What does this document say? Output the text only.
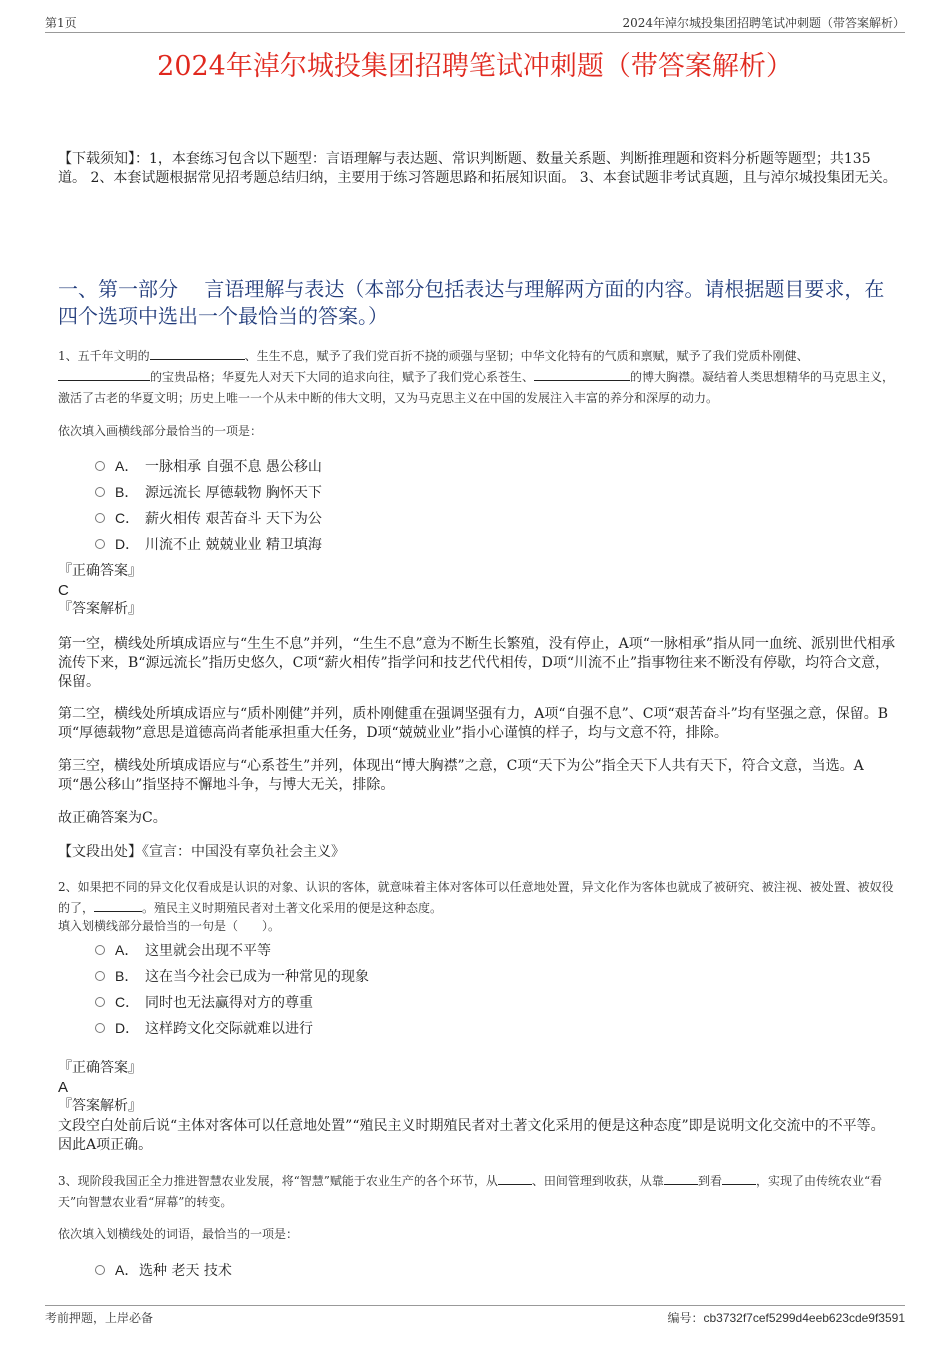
第1页	2024年淖尔城投集团招聘笔试冲刺题（带答案解析）
2024年淖尔城投集团招聘笔试冲刺题（带答案解析）
【下载须知】：1，本套练习包含以下题型：言语理解与表达题、常识判断题、数量关系题、判断推理题和资料分析题等题型；共135道。 2、本套试题根据常见招考题总结归纳，主要用于练习答题思路和拓展知识面。 3、本套试题非考试真题，且与淖尔城投集团无关。
一、第一部分　 言语理解与表达（本部分包括表达与理解两方面的内容。请根据题目要求，在四个选项中选出一个最恰当的答案。）
1、五千年文明的	、生生不息，赋予了我们党百折不挠的顽强与坚韧；中华文化特有的气质和禀赋，赋予了我们党质朴刚健、的宝贵品格；华夏先人对天下大同的追求向往，赋予了我们党心系苍生、	的博大胸襟。凝结着人类思想精华的马克思主义，激活了古老的华夏文明；历史上唯一一个从未中断的伟大文明，又为马克思主义在中国的发展注入丰富的养分和深厚的动力。
依次填入画横线部分最恰当的一项是：
A． 一脉相承 自强不息 愚公移山
B． 源远流长 厚德载物 胸怀天下
C． 薪火相传 艰苦奋斗 天下为公
D． 川流不止 兢兢业业 精卫填海
『正确答案』
C
『答案解析』
第一空，横线处所填成语应与“生生不息”并列，“生生不息”意为不断生长繁殖，没有停止，A项“一脉相承”指从同一血统、派别世代相承流传下来，B“源远流长”指历史悠久，C项“薪火相传”指学问和技艺代代相传，D项“川流不止”指事物往来不断没有停歇，均符合文意，保留。
第二空，横线处所填成语应与“质朴刚健”并列，质朴刚健重在强调坚强有力，A项“自强不息”、C项“艰苦奋斗”均有坚强之意，保留。B项“厚德载物”意思是道德高尚者能承担重大任务，D项“兢兢业业”指小心谨慎的样子，均与文意不符，排除。
第三空，横线处所填成语应与“心系苍生”并列，体现出“博大胸襟”之意，C项“天下为公”指全天下人共有天下，符合文意，当选。A项“愚公移山”指坚持不懈地斗争，与博大无关，排除。
故正确答案为C。
【文段出处】《宣言：中国没有辜负社会主义》
2、如果把不同的异文化仅看成是认识的对象、认识的客体，就意味着主体对客体可以任意地处置，异文化作为客体也就成了被研究、被注视、被处置、被奴役的了，	。殖民主义时期殖民者对土著文化采用的便是这种态度。
填入划横线部分最恰当的一句是（　　）。
A． 这里就会出现不平等
B． 这在当今社会已成为一种常见的现象
C． 同时也无法赢得对方的尊重
D． 这样跨文化交际就难以进行
『正确答案』
A
『答案解析』
文段空白处前后说“主体对客体可以任意地处置”“殖民主义时期殖民者对土著文化采用的便是这种态度”即是说明文化交流中的不平等。因此A项正确。
3、现阶段我国正全力推进智慧农业发展，将“智慧”赋能于农业生产的各个环节，从	、田间管理到收获，从靠	到看	，实现了由传统农业“看天”向智慧农业看“屏幕”的转变。
依次填入划横线处的词语，最恰当的一项是：
A．选种 老天 技术
考前押题，上岸必备	编号：cb3732f7cef5299d4eeb623cde9f3591
